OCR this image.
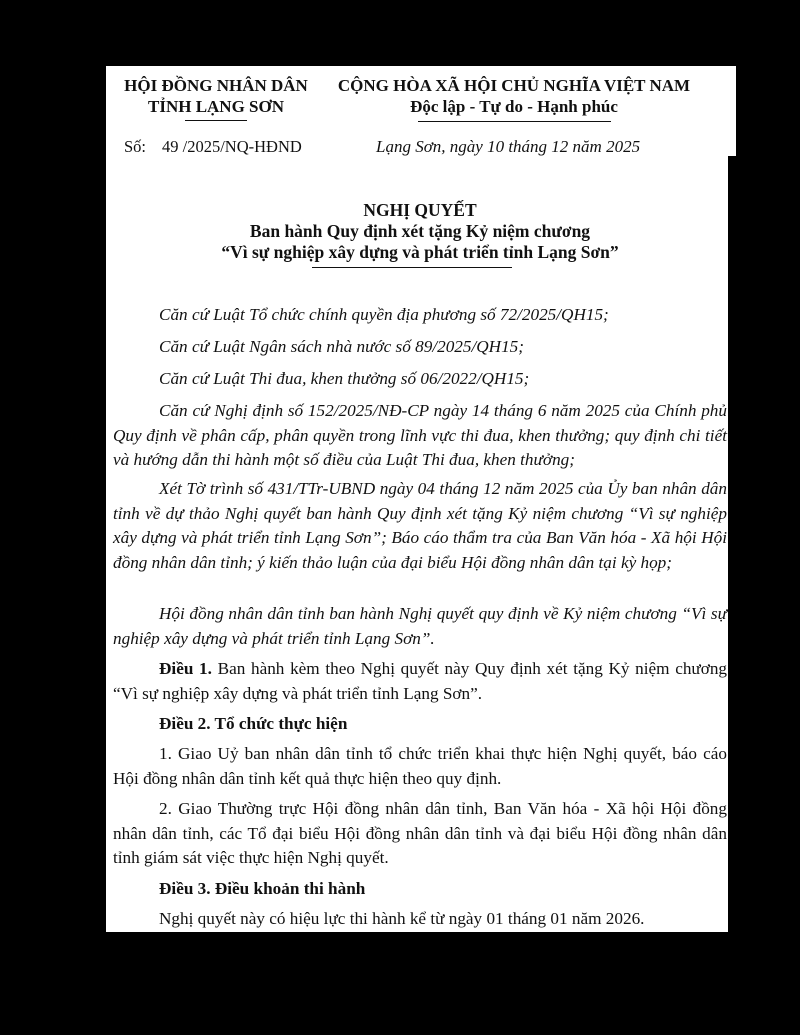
HỘI ĐỒNG NHÂN DÂN
TỈNH LẠNG SƠN
CỘNG HÒA XÃ HỘI CHỦ NGHĨA VIỆT NAM
Độc lập - Tự do - Hạnh phúc
Số: 49 /2025/NQ-HĐND	Lạng Sơn, ngày 10 tháng 12 năm 2025
NGHỊ QUYẾT
Ban hành Quy định xét tặng Kỷ niệm chương
“Vì sự nghiệp xây dựng và phát triển tỉnh Lạng Sơn”
Căn cứ Luật Tổ chức chính quyền địa phương số 72/2025/QH15;
Căn cứ Luật Ngân sách nhà nước số 89/2025/QH15;
Căn cứ Luật Thi đua, khen thưởng số 06/2022/QH15;
Căn cứ Nghị định số 152/2025/NĐ-CP ngày 14 tháng 6 năm 2025 của Chính phủ Quy định về phân cấp, phân quyền trong lĩnh vực thi đua, khen thưởng; quy định chi tiết và hướng dẫn thi hành một số điều của Luật Thi đua, khen thưởng;
Xét Tờ trình số 431/TTr-UBND ngày 04 tháng 12 năm 2025 của Ủy ban nhân dân tỉnh về dự thảo Nghị quyết ban hành Quy định xét tặng Kỷ niệm chương “Vì sự nghiệp xây dựng và phát triển tỉnh Lạng Sơn”; Báo cáo thẩm tra của Ban Văn hóa - Xã hội Hội đồng nhân dân tỉnh; ý kiến thảo luận của đại biểu Hội đồng nhân dân tại kỳ họp;
Hội đồng nhân dân tỉnh ban hành Nghị quyết quy định về Kỷ niệm chương “Vì sự nghiệp xây dựng và phát triển tỉnh Lạng Sơn”.
Điều 1. Ban hành kèm theo Nghị quyết này Quy định xét tặng Kỷ niệm chương “Vì sự nghiệp xây dựng và phát triển tỉnh Lạng Sơn”.
Điều 2. Tổ chức thực hiện
1. Giao Uỷ ban nhân dân tỉnh tổ chức triển khai thực hiện Nghị quyết, báo cáo Hội đồng nhân dân tỉnh kết quả thực hiện theo quy định.
2. Giao Thường trực Hội đồng nhân dân tỉnh, Ban Văn hóa - Xã hội Hội đồng nhân dân tỉnh, các Tổ đại biểu Hội đồng nhân dân tỉnh và đại biểu Hội đồng nhân dân tỉnh giám sát việc thực hiện Nghị quyết.
Điều 3. Điều khoản thi hành
Nghị quyết này có hiệu lực thi hành kể từ ngày 01 tháng 01 năm 2026.
